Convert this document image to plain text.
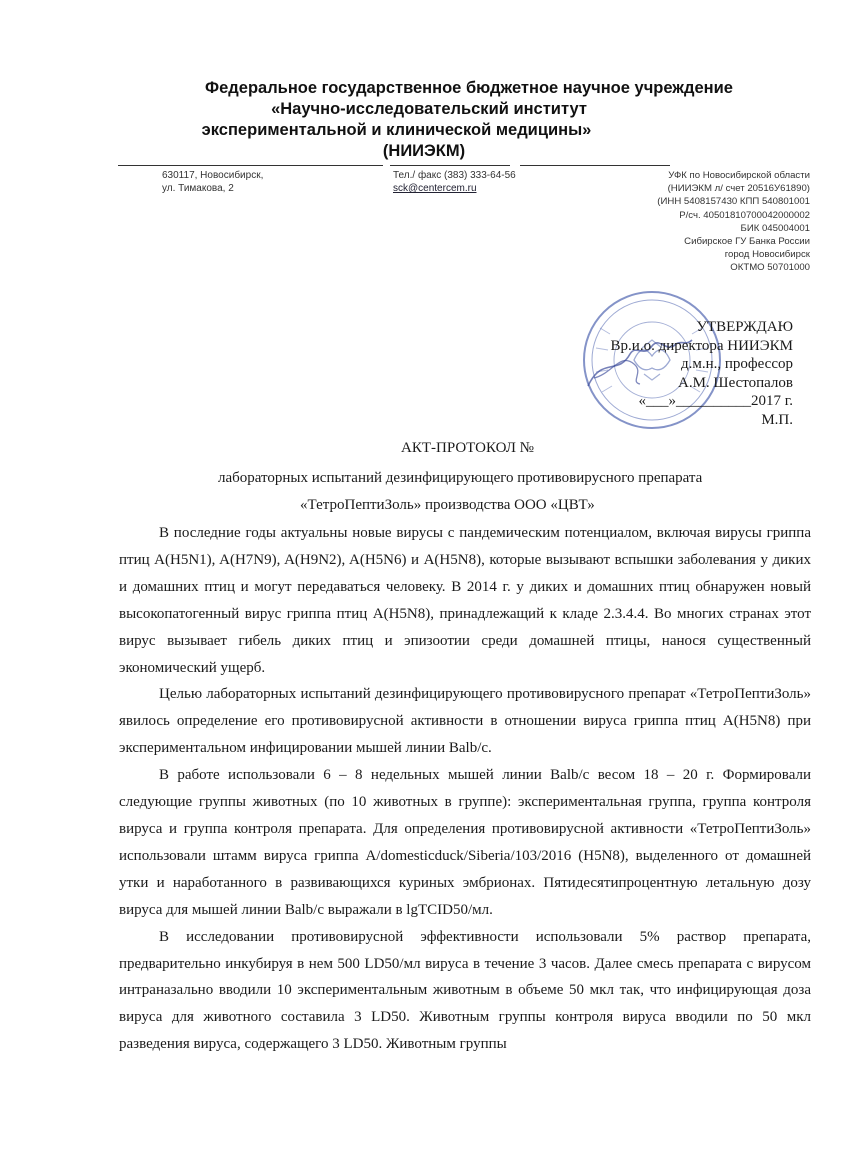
Федеральное государственное бюджетное научное учреждение
«Научно-исследовательский институт
экспериментальной и клинической медицины»
(НИИЭКМ)
630117, Новосибирск,
ул. Тимакова, 2
Тел./ факс (383) 333-64-56
sck@centercem.ru
УФК по Новосибирской области
(НИИЭКМ л/ счет 20516У61890)
(ИНН 5408157430 КПП 540801001
Р/сч. 40501810700042000002
БИК 045004001
Сибирское ГУ Банка России
город Новосибирск
ОКТМО 50701000
УТВЕРЖДАЮ
Вр.и.о. директора НИИЭКМ
д.м.н., профессор
А.М. Шестопалов
«___»__________2017 г.
М.П.
АКТ-ПРОТОКОЛ №
лабораторных испытаний дезинфицирующего противовирусного препарата
«ТетроПептиЗоль» производства ООО «ЦВТ»

В последние годы актуальны новые вирусы с пандемическим потенциалом, включая вирусы гриппа птиц A(H5N1), A(H7N9), A(H9N2), A(H5N6) и A(H5N8), которые вызывают вспышки заболевания у диких и домашних птиц и могут передаваться человеку. В 2014 г. у диких и домашних птиц обнаружен новый высокопатогенный вирус гриппа птиц A(H5N8), принадлежащий к кладе 2.3.4.4. Во многих странах этот вирус вызывает гибель диких птиц и эпизоотии среди домашней птицы, нанося существенный экономический ущерб.

Целью лабораторных испытаний дезинфицирующего противовирусного препарат «ТетроПептиЗоль» явилось определение его противовирусной активности в отношении вируса гриппа птиц A(H5N8) при экспериментальном инфицировании мышей линии Balb/c.

В работе использовали 6 – 8 недельных мышей линии Balb/c весом 18 – 20 г. Формировали следующие группы животных (по 10 животных в группе): экспериментальная группа, группа контроля вируса и группа контроля препарата. Для определения противовирусной активности «ТетроПептиЗоль» использовали штамм вируса гриппа A/domesticduck/Siberia/103/2016 (H5N8), выделенного от домашней утки и наработанного в развивающихся куриных эмбрионах. Пятидесятипроцентную летальную дозу вируса для мышей линии Balb/c выражали в lgTCID50/мл.

В исследовании противовирусной эффективности использовали 5% раствор препарата, предварительно инкубируя в нем 500 LD50/мл вируса в течение 3 часов. Далее смесь препарата с вирусом интраназально вводили 10 экспериментальным животным в объеме 50 мкл так, что инфицирующая доза вируса для животного составила 3 LD50. Животным группы контроля вируса вводили по 50 мкл разведения вируса, содержащего 3 LD50. Животным группы
